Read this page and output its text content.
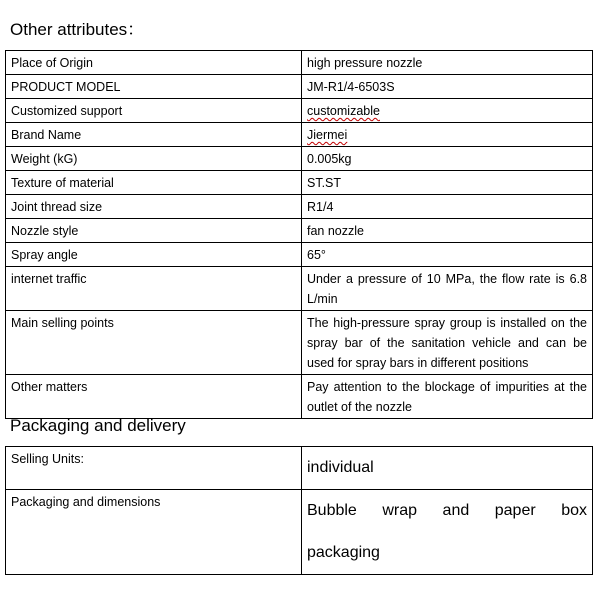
Other attributes：
Place of Origin	high pressure nozzle
PRODUCT MODEL	JM-R1/4-6503S
Customized support	customizable
Brand Name	Jiermei
Weight (kG)	0.005kg
Texture of material	ST.ST
Joint thread size	R1/4
Nozzle style	fan nozzle
Spray angle	65°
internet traffic	Under a pressure of 10 MPa, the flow rate is 6.8 L/min
Main selling points	The high-pressure spray group is installed on the spray bar of the sanitation vehicle and can be used for spray bars in different positions
Other matters	Pay attention to the blockage of impurities at the outlet of the nozzle
Packaging and delivery
Selling Units:	individual
Packaging and dimensions	Bubble wrap and paper box packaging
